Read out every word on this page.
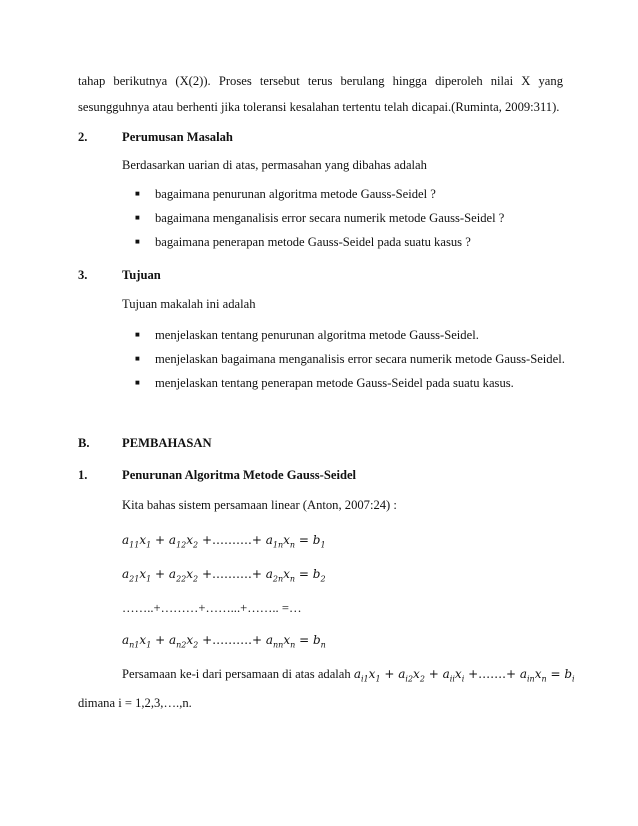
tahap berikutnya (X(2)). Proses tersebut terus berulang hingga diperoleh nilai X yang
sesungguhnya atau berhenti jika toleransi kesalahan tertentu telah dicapai.(Ruminta, 2009:311).
2.	Perumusan Masalah
Berdasarkan uarian di atas, permasahan yang dibahas adalah
■ bagaimana penurunan algoritma metode Gauss-Seidel ?
■ bagaimana menganalisis error secara numerik metode Gauss-Seidel ?
■ bagaimana penerapan metode Gauss-Seidel pada suatu kasus ?
3.	Tujuan
Tujuan makalah ini adalah
■ menjelaskan tentang penurunan algoritma metode Gauss-Seidel.
■ menjelaskan bagaimana menganalisis error secara numerik metode Gauss-Seidel.
■ menjelaskan tentang penerapan metode Gauss-Seidel pada suatu kasus.
B.	PEMBAHASAN
1.	Penurunan Algoritma Metode Gauss-Seidel
Kita bahas sistem persamaan linear (Anton, 2007:24) :
$a_{11}x_1 + a_{12}x_2$ +……….+ $a_{1n}x_n = b_1$
$a_{21}x_1 + a_{22}x_2$ +……….+ $a_{2n}x_n = b_2$
……..+………+……...+…….. =…
$a_{n1}x_1 + a_{n2}x_2$ +……….+ $a_{nn}x_n = b_n$
Persamaan ke-i dari persamaan di atas adalah $a_{i1}x_1 + a_{i2}x_2 + a_{ii}x_i$ +…….+ $a_{in}x_n = b_i$
dimana i = 1,2,3,….,n.
